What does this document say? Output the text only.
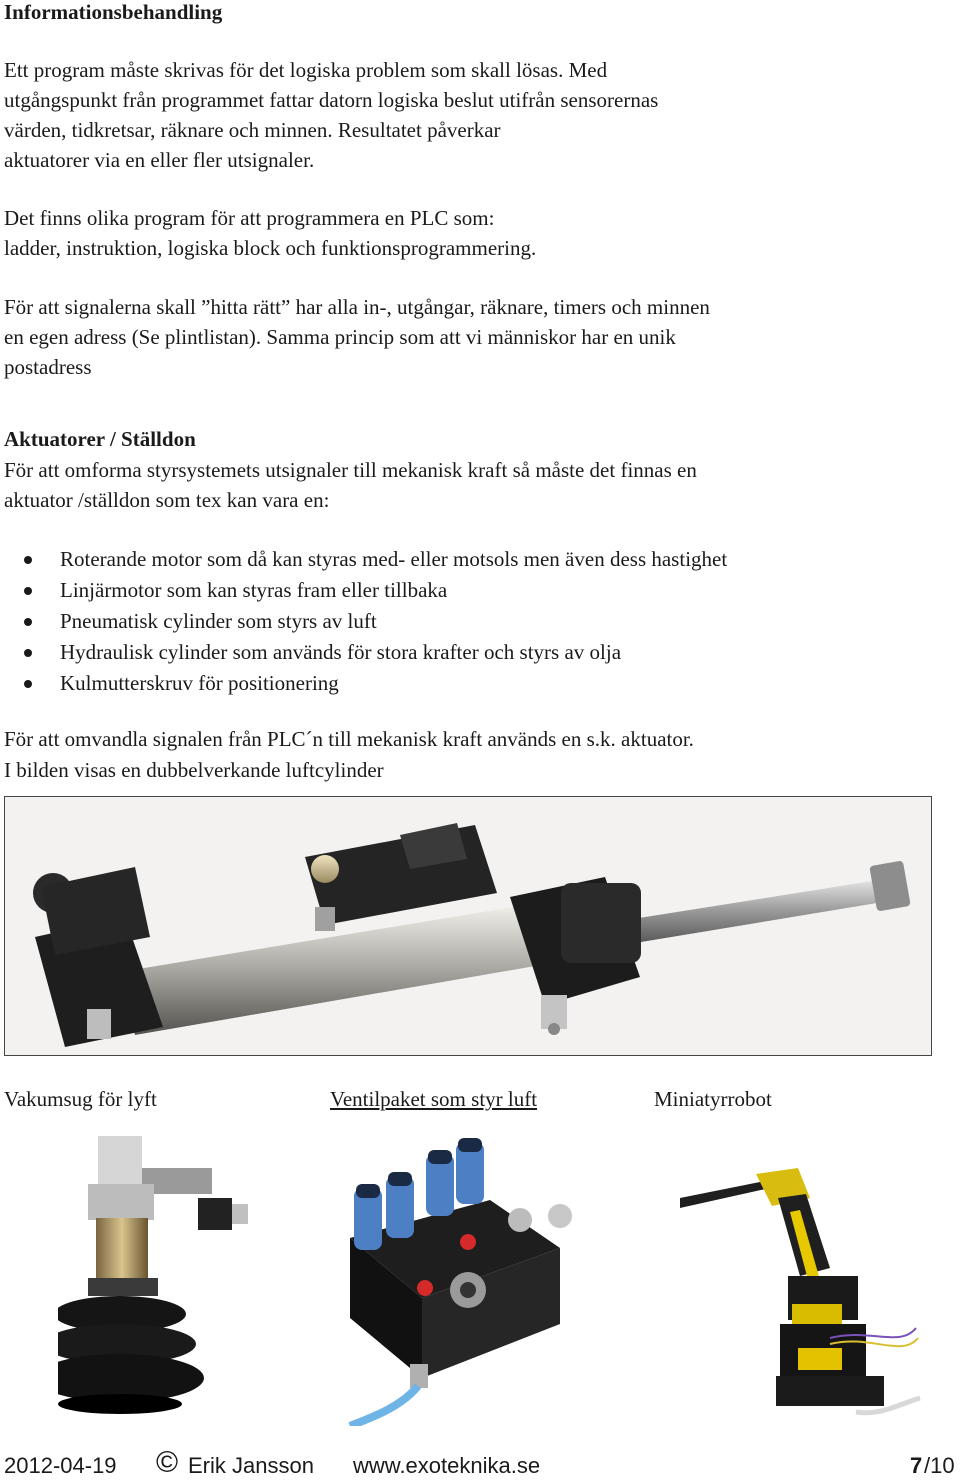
Informationsbehandling
Ett program måste skrivas för det logiska problem som skall lösas. Med
utgångspunkt från programmet fattar datorn logiska beslut utifrån sensorernas
värden, tidkretsar, räknare och minnen. Resultatet påverkar
aktuatorer via en eller fler utsignaler.
Det finns olika program för att programmera en PLC som:
ladder, instruktion, logiska block och funktionsprogrammering.
För att signalerna skall ”hitta rätt” har alla in-, utgångar, räknare, timers och minnen
en egen adress (Se plintlistan). Samma princip som att vi människor har en unik
postadress
Aktuatorer / Ställdon
För att omforma styrsystemets utsignaler till mekanisk kraft så måste det finnas en
aktuator /ställdon som tex kan vara en:
Roterande motor som då kan styras med- eller motsols men även dess hastighet
Linjärmotor som kan styras fram eller tillbaka
Pneumatisk cylinder som styrs av luft
Hydraulisk cylinder som används för stora krafter och styrs av olja
Kulmutterskruv för positionering
För att omvandla signalen från PLC´n till mekanisk kraft används en s.k. aktuator.
I bilden visas en dubbelverkande luftcylinder
Vakumsug för lyft	Ventilpaket som styr luft	Miniatyrrobot
2012-04-19 © Erik Jansson www.exoteknika.se	7 /10
